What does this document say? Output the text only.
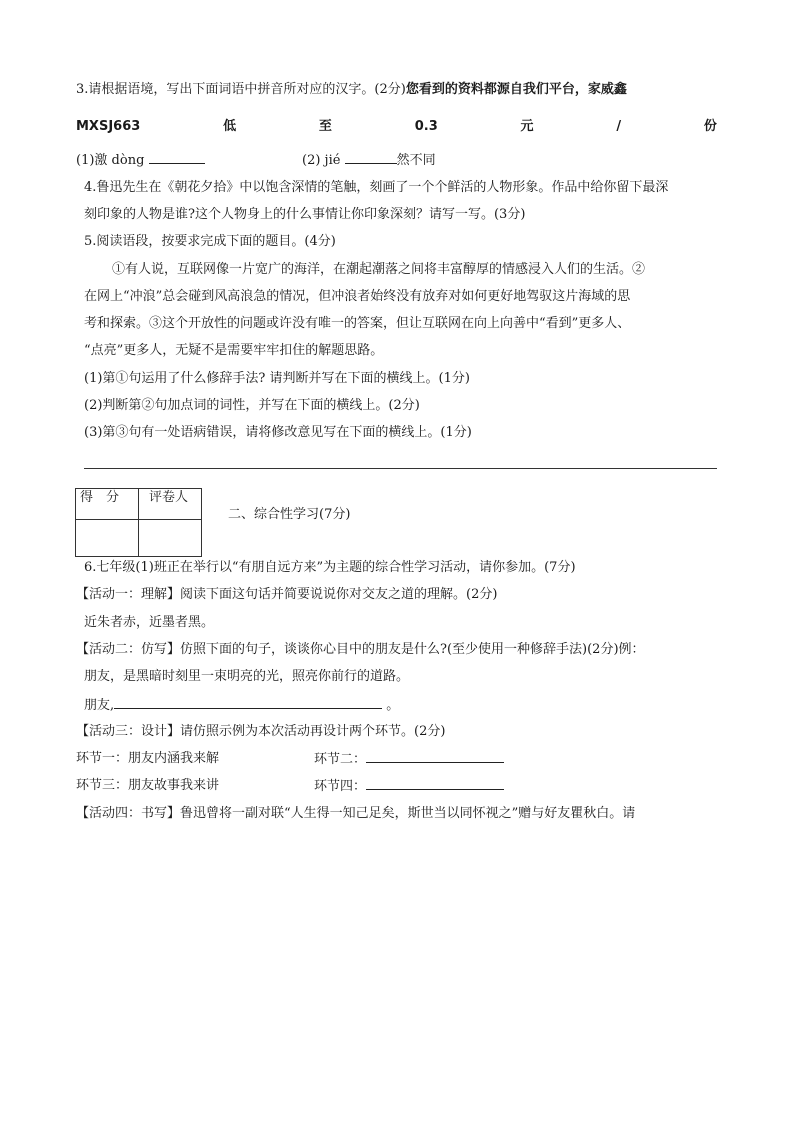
3.请根据语境，写出下面词语中拼音所对应的汉字。(2分)您看到的资料都源自我们平台，家威鑫
MXSJ663	低	至	0.3	元	/	份
(1)激 dòng	(2) jié	然不同
4.鲁迅先生在《朝花夕拾》中以饱含深情的笔触，刻画了一个个鲜活的人物形象。作品中给你留下最深
刻印象的人物是谁?这个人物身上的什么事情让你印象深刻？请写一写。(3分)
5.阅读语段，按要求完成下面的题目。(4分)
①有人说，互联网像一片宽广的海洋，在潮起潮落之间将丰富醇厚的情感浸入人们的生活。②
在网上“冲浪”总会碰到风高浪急的情况，但冲浪者始终没有放弃对如何更好地驾驭这片海域的思
考和探索。③这个开放性的问题或许没有唯一的答案，但让互联网在向上向善中“看到”更多人、
“点亮”更多人，无疑不是需要牢牢扣住的解题思路。
(1)第①句运用了什么修辞手法? 请判断并写在下面的横线上。(1分)
(2)判断第②句加点词的词性，并写在下面的横线上。(2分)
(3)第③句有一处语病错误，请将修改意见写在下面的横线上。(1分)
得　分	评卷人

二、综合性学习(7分)
6.七年级(1)班正在举行以“有朋自远方来”为主题的综合性学习活动，请你参加。(7分)
【活动一：理解】阅读下面这句话并简要说说你对交友之道的理解。(2分)
近朱者赤，近墨者黑。
【活动二：仿写】仿照下面的句子，谈谈你心目中的朋友是什么?(至少使用一种修辞手法)(2分)例：
朋友，是黑暗时刻里一束明亮的光，照亮你前行的道路。
朋友,	。
【活动三：设计】请仿照示例为本次活动再设计两个环节。(2分)
环节一：朋友内涵我来解	环节二：
环节三：朋友故事我来讲	环节四：
【活动四：书写】鲁迅曾将一副对联“人生得一知己足矣，斯世当以同怀视之”赠与好友瞿秋白。请
